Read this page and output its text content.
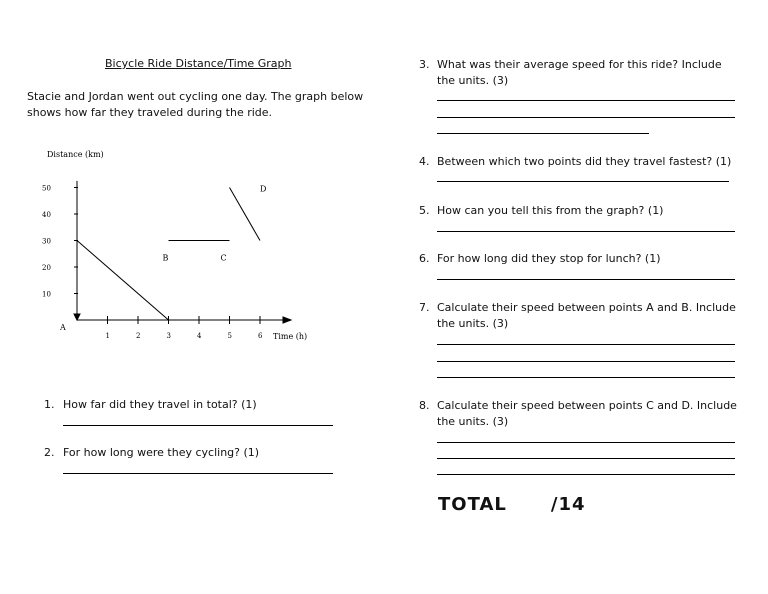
Bicycle Ride Distance/Time Graph
Stacie and Jordan went out cycling one day. The graph below shows how far they traveled during the ride.
Distance (km)
Time (h)
10
20
30
40
50
1	2	3	4	5	6
A
B	C
D
1. How far did they travel in total? (1)
2. For how long were they cycling? (1)
3. What was their average speed for this ride? Include the units. (3)
4. Between which two points did they travel fastest? (1)
5. How can you tell this from the graph? (1)
6. For how long did they stop for lunch? (1)
7. Calculate their speed between points A and B. Include the units. (3)
8. Calculate their speed between points C and D. Include the units. (3)
TOTAL /14
